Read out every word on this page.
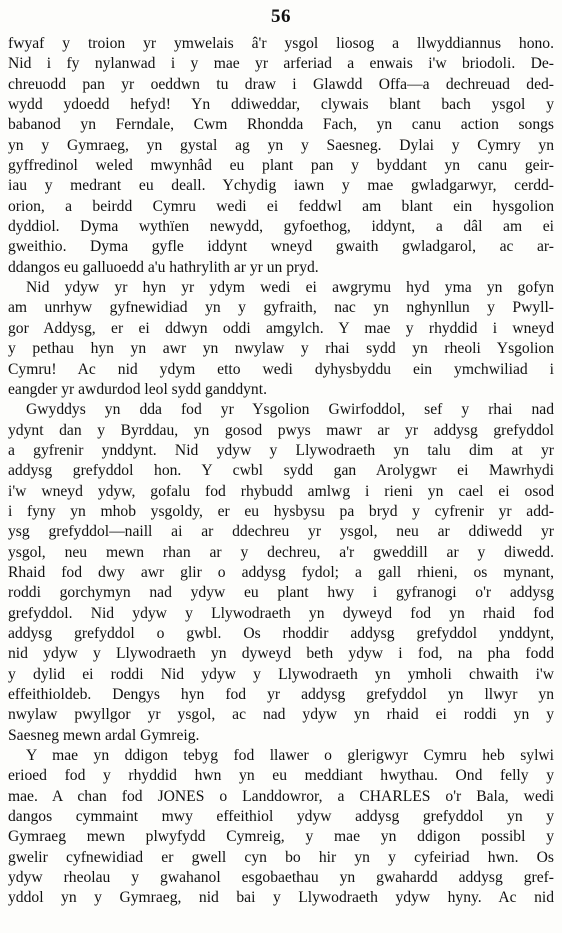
56
fwyaf y troion yr ymwelais â'r ysgol liosog a llwyddiannus hono.
Nid i fy nylanwad i y mae yr arferiad a enwais i'w briodoli. De-
chreuodd pan yr oeddwn tu draw i Glawdd Offa—a dechreuad ded-
wydd ydoedd hefyd! Yn ddiweddar, clywais blant bach ysgol y
babanod yn Ferndale, Cwm Rhondda Fach, yn canu action songs
yn y Gymraeg, yn gystal ag yn y Saesneg. Dylai y Cymry yn
gyffredinol weled mwynhâd eu plant pan y byddant yn canu geir-
iau y medrant eu deall. Ychydig iawn y mae gwladgarwyr, cerdd-
orion, a beirdd Cymru wedi ei feddwl am blant ein hysgolion
dyddiol. Dyma wythïen newydd, gyfoethog, iddynt, a dâl am ei
gweithio. Dyma gyfle iddynt wneyd gwaith gwladgarol, ac ar-
ddangos eu galluoedd a'u hathrylith ar yr un pryd.
Nid ydyw yr hyn yr ydym wedi ei awgrymu hyd yma yn gofyn
am unrhyw gyfnewidiad yn y gyfraith, nac yn nghynllun y Pwyll-
gor Addysg, er ei ddwyn oddi amgylch. Y mae y rhyddid i wneyd
y pethau hyn yn awr yn nwylaw y rhai sydd yn rheoli Ysgolion
Cymru! Ac nid ydym etto wedi dyhysbyddu ein ymchwiliad i
eangder yr awdurdod leol sydd ganddynt.
Gwyddys yn dda fod yr Ysgolion Gwirfoddol, sef y rhai nad
ydynt dan y Byrddau, yn gosod pwys mawr ar yr addysg grefyddol
a gyfrenir ynddynt. Nid ydyw y Llywodraeth yn talu dim at yr
addysg grefyddol hon. Y cwbl sydd gan Arolygwr ei Mawrhydi
i'w wneyd ydyw, gofalu fod rhybudd amlwg i rieni yn cael ei osod
i fyny yn mhob ysgoldy, er eu hysbysu pa bryd y cyfrenir yr add-
ysg grefyddol—naill ai ar ddechreu yr ysgol, neu ar ddiwedd yr
ysgol, neu mewn rhan ar y dechreu, a'r gweddill ar y diwedd.
Rhaid fod dwy awr glir o addysg fydol; a gall rhieni, os mynant,
roddi gorchymyn nad ydyw eu plant hwy i gyfranogi o'r addysg
grefyddol. Nid ydyw y Llywodraeth yn dyweyd fod yn rhaid fod
addysg grefyddol o gwbl. Os rhoddir addysg grefyddol ynddynt,
nid ydyw y Llywodraeth yn dyweyd beth ydyw i fod, na pha fodd
y dylid ei roddi Nid ydyw y Llywodraeth yn ymholi chwaith i'w
effeithioldeb. Dengys hyn fod yr addysg grefyddol yn llwyr yn
nwylaw pwyllgor yr ysgol, ac nad ydyw yn rhaid ei roddi yn y
Saesneg mewn ardal Gymreig.
Y mae yn ddigon tebyg fod llawer o glerigwyr Cymru heb sylwi
erioed fod y rhyddid hwn yn eu meddiant hwythau. Ond felly y
mae. A chan fod JONES o Landdowror, a CHARLES o'r Bala, wedi
dangos cymmaint mwy effeithiol ydyw addysg grefyddol yn y
Gymraeg mewn plwyfydd Cymreig, y mae yn ddigon possibl y
gwelir cyfnewidiad er gwell cyn bo hir yn y cyfeiriad hwn. Os
ydyw rheolau y gwahanol esgobaethau yn gwahardd addysg gref-
yddol yn y Gymraeg, nid bai y Llywodraeth ydyw hyny. Ac nid
